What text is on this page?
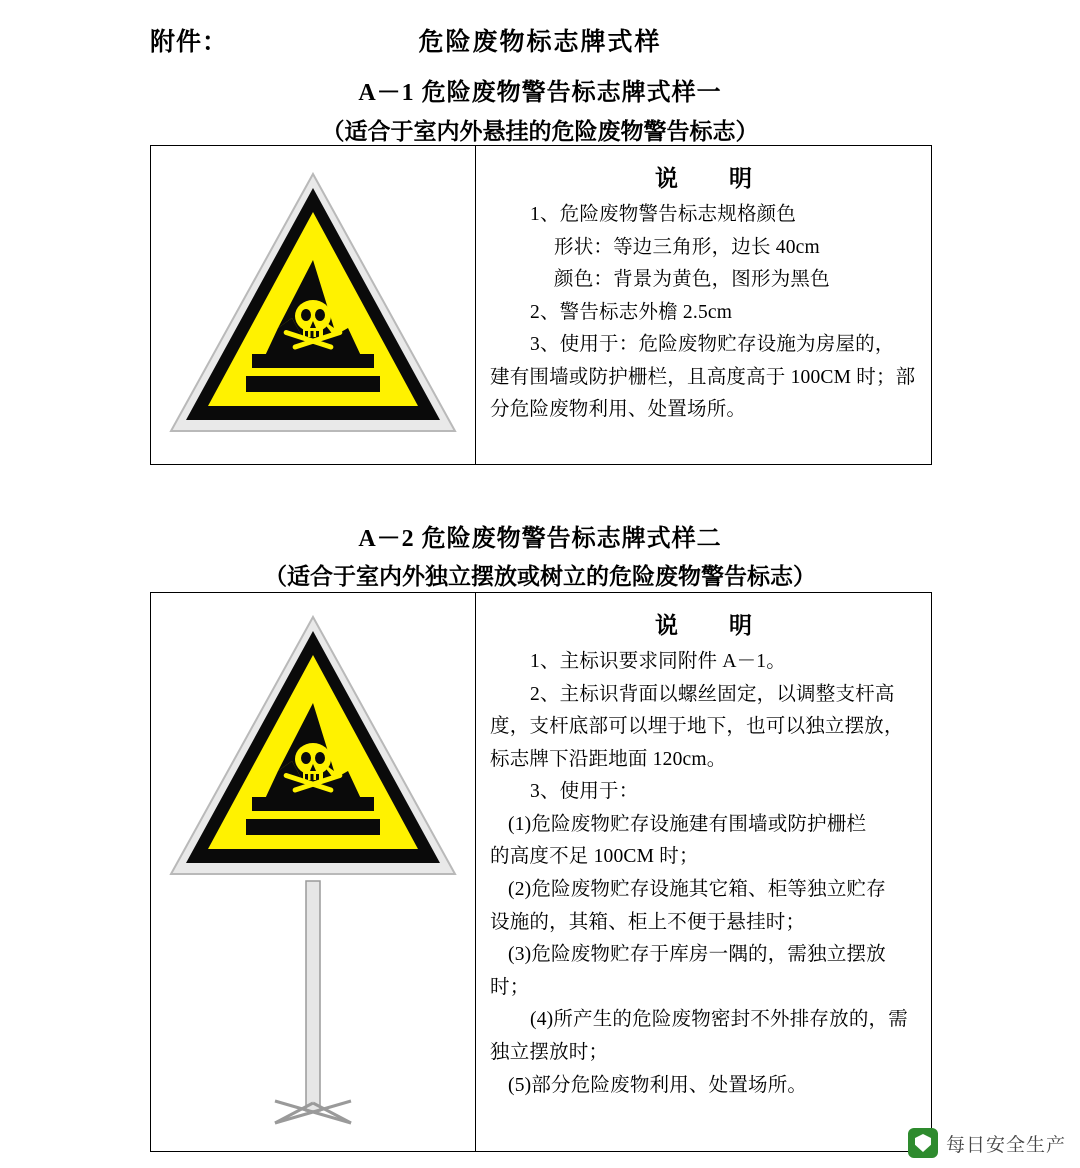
附件：	危险废物标志牌式样
A－1 危险废物警告标志牌式样一
（适合于室内外悬挂的危险废物警告标志）
说　明

1、危险废物警告标志规格颜色

形状：等边三角形，边长 40cm

颜色：背景为黄色，图形为黑色

2、警告标志外檐 2.5cm

3、使用于：危险废物贮存设施为房屋的，

建有围墙或防护栅栏，且高度高于 100CM 时；部

分危险废物利用、处置场所。

A－2 危险废物警告标志牌式样二
（适合于室内外独立摆放或树立的危险废物警告标志）
说　明

1、主标识要求同附件 A－1。

2、主标识背面以螺丝固定，以调整支杆高

度，支杆底部可以埋于地下，也可以独立摆放，

标志牌下沿距地面 120cm。

3、使用于：

(1)危险废物贮存设施建有围墙或防护栅栏

的高度不足 100CM 时；

(2)危险废物贮存设施其它箱、柜等独立贮存

设施的，其箱、柜上不便于悬挂时；

(3)危险废物贮存于库房一隅的，需独立摆放

时；

(4)所产生的危险废物密封不外排存放的，需

独立摆放时；

(5)部分危险废物利用、处置场所。

每日安全生产
